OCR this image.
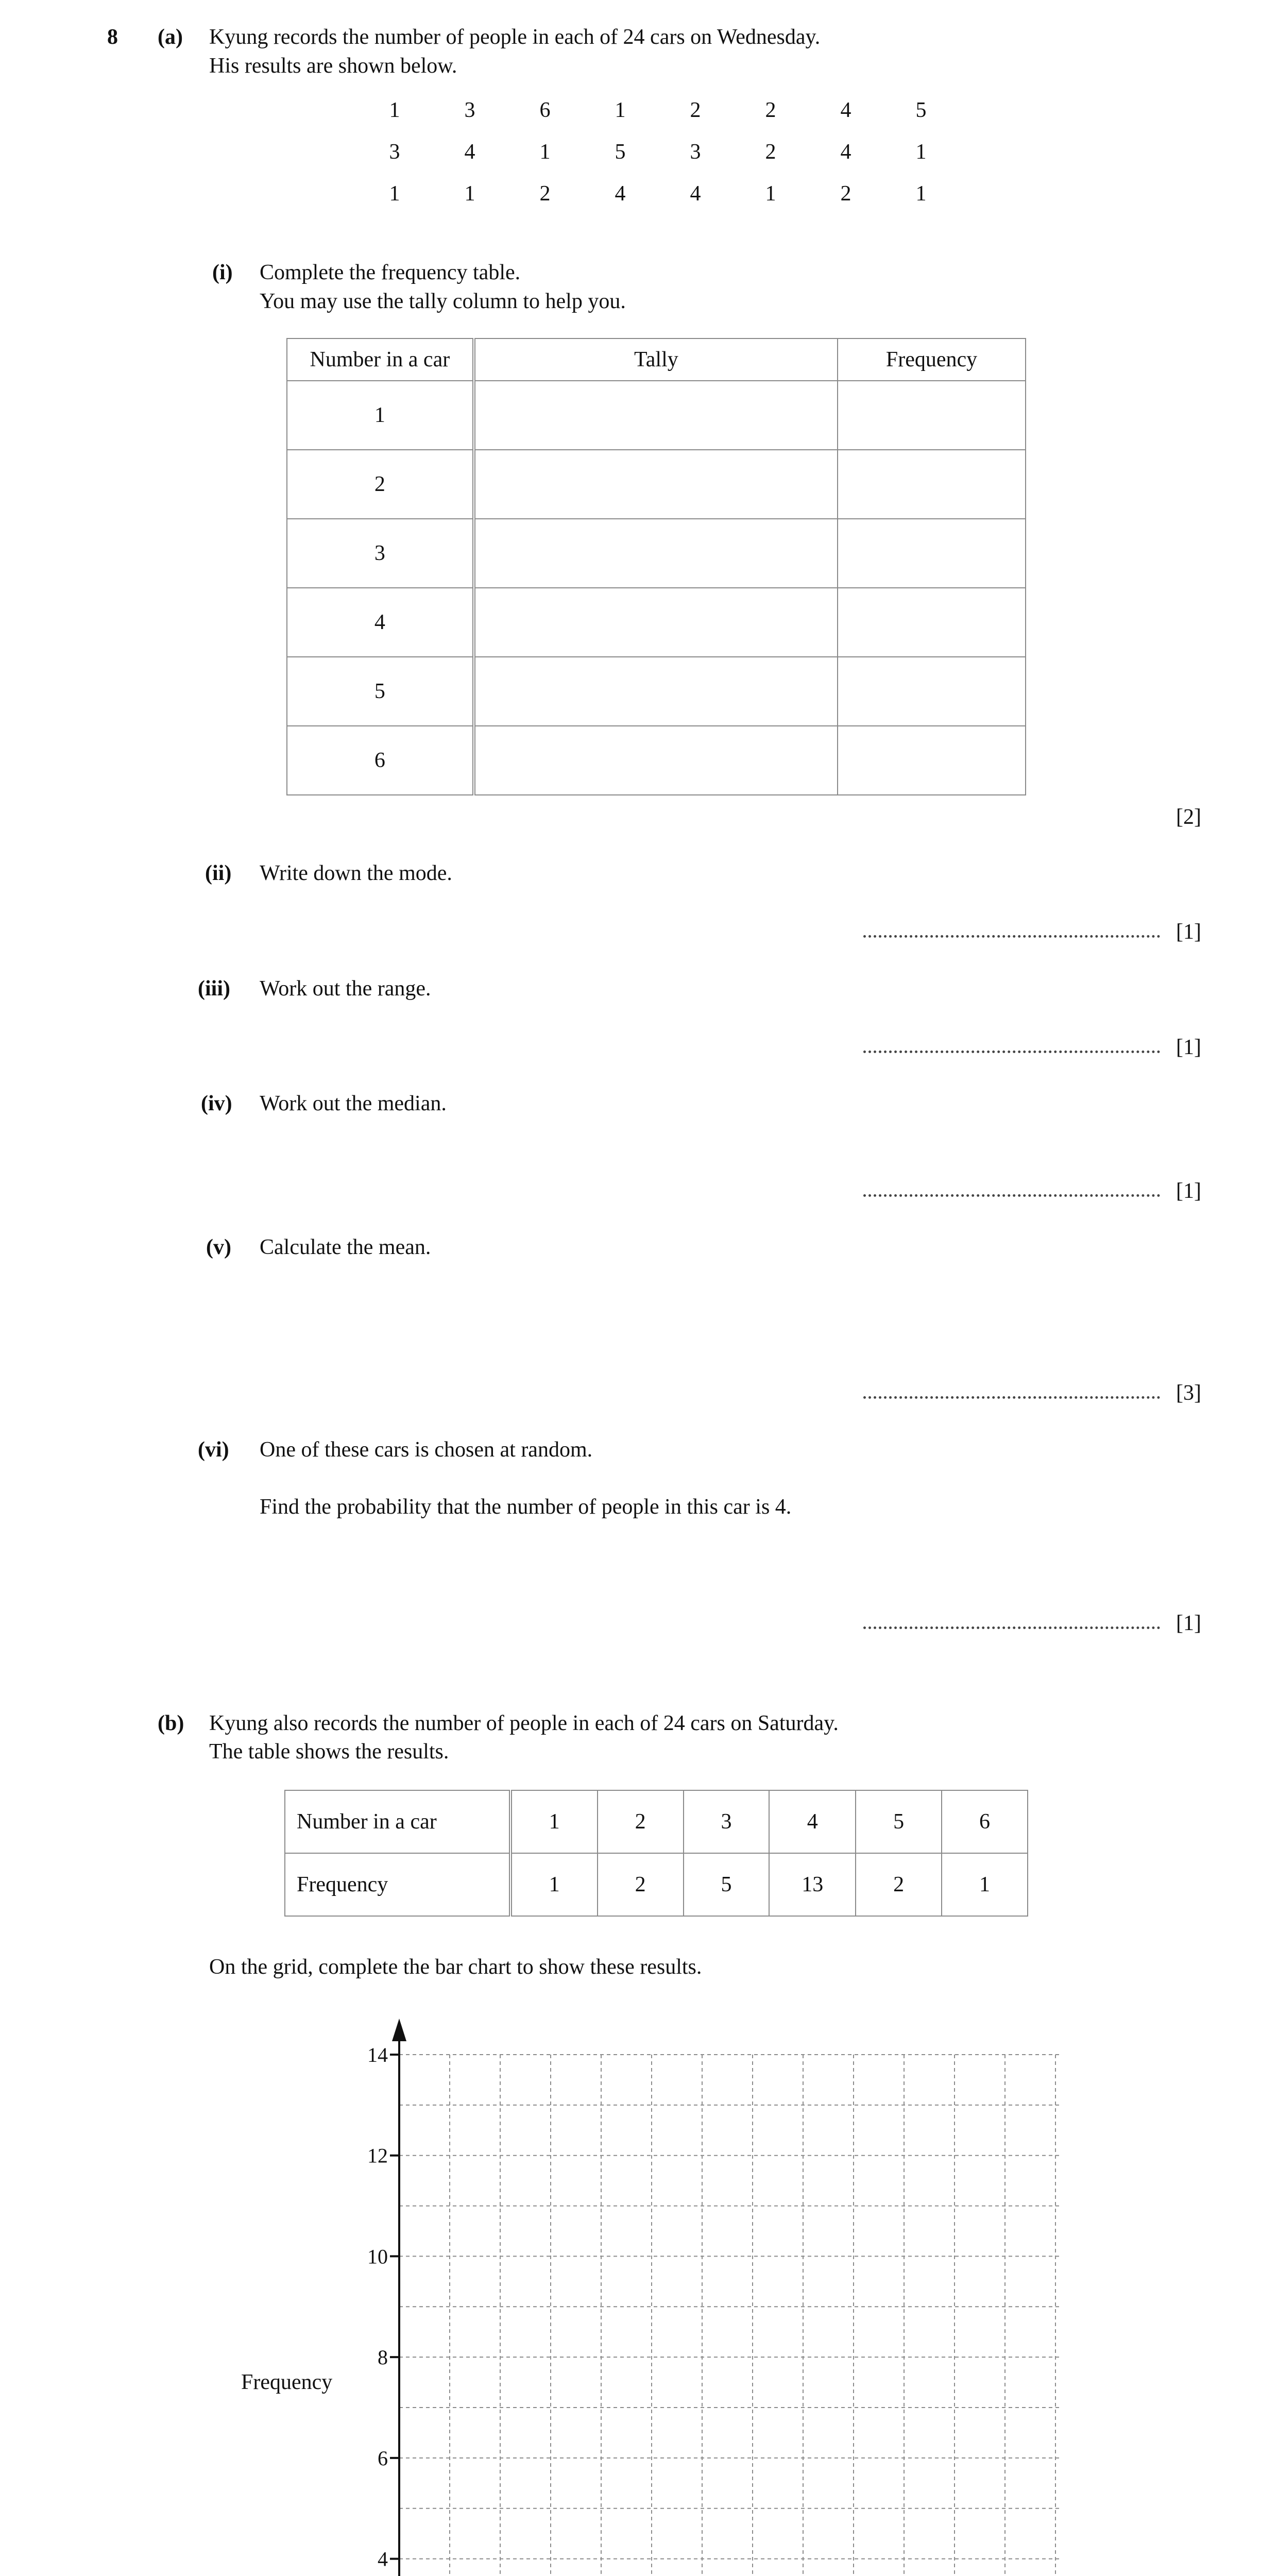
8 (a) Kyung records the number of people in each of 24 cars on Wednesday.
His results are shown below.
1	3	6	1	2	2	4	5
3	4	1	5	3	2	4	1
1	1	2	4	4	1	2	1
(i) Complete the frequency table.
You may use the tally column to help you.
Number in a car	Tally	Frequency
1		
2		
3		
4		
5		
6		
[2]
(ii) Write down the mode.
[1]
(iii) Work out the range.
[1]
(iv) Work out the median.
[1]
(v) Calculate the mean.
[3]
(vi) One of these cars is chosen at random.
Find the probability that the number of people in this car is 4.
[1]
(b) Kyung also records the number of people in each of 24 cars on Saturday.
The table shows the results.
Number in a car	1	2	3	4	5	6
Frequency	1	2	5	13	2	1
On the grid, complete the bar chart to show these results.
4
6
8
10
12
14
Frequency
